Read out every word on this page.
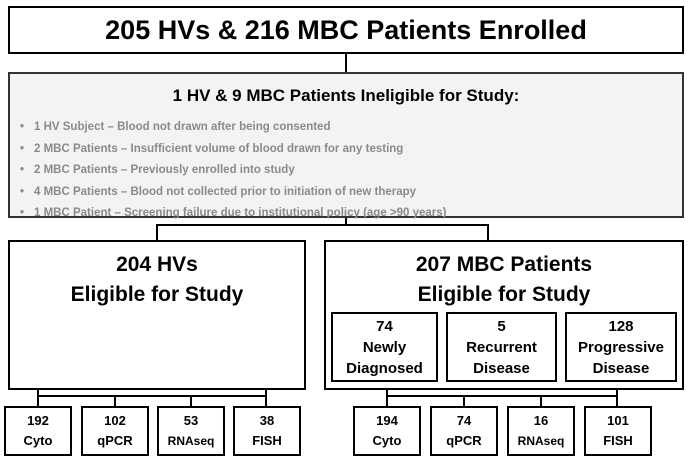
205 HVs & 216 MBC Patients Enrolled
1 HV & 9 MBC Patients Ineligible for Study:
• 1 HV Subject – Blood not drawn after being consented
• 2 MBC Patients – Insufficient volume of blood drawn for any testing
• 2 MBC Patients – Previously enrolled into study
• 4 MBC Patients – Blood not collected prior to initiation of new therapy
• 1 MBC Patient – Screening failure due to institutional policy (age >90 years)
204 HVs
Eligible for Study
207 MBC Patients
Eligible for Study
74
Newly
Diagnosed
5
Recurrent
Disease
128
Progressive
Disease
192
Cyto
102
qPCR
53
RNAseq
38
FISH
194
Cyto
74
qPCR
16
RNAseq
101
FISH
